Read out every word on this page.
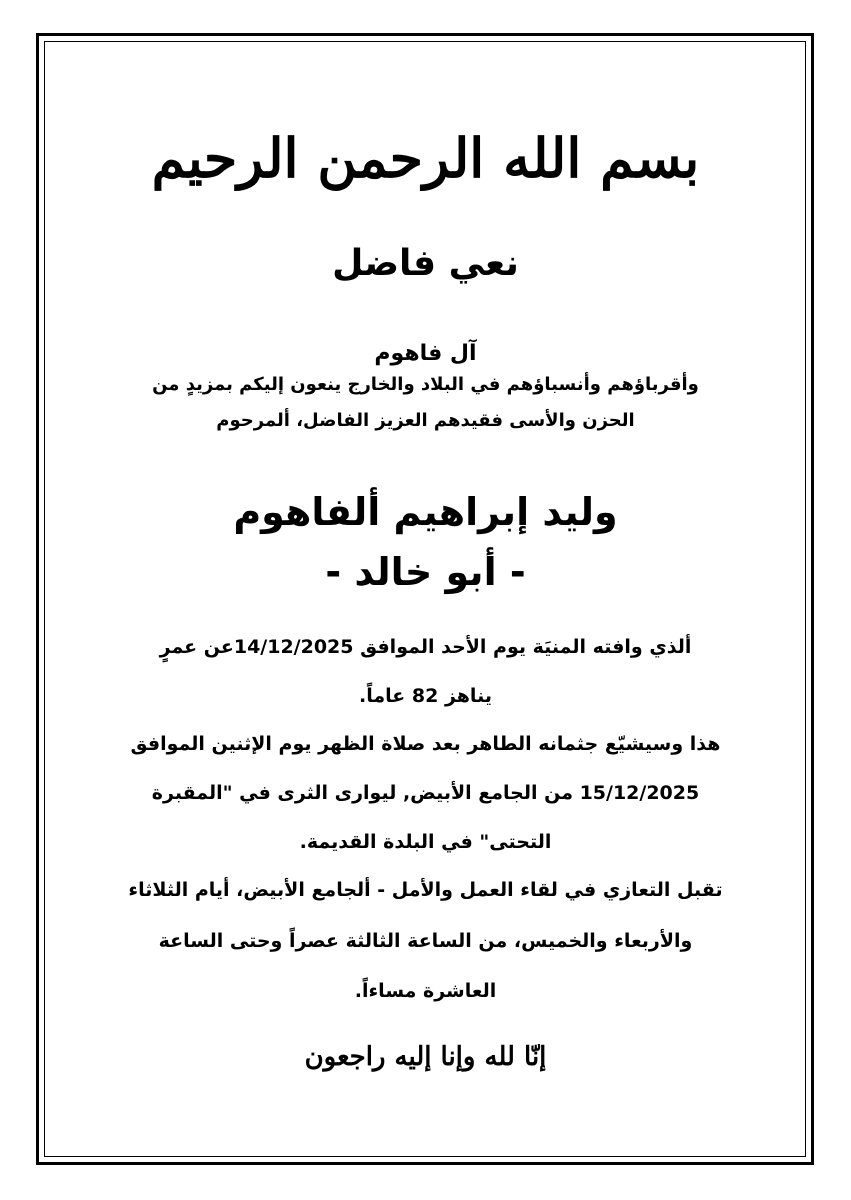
بسم الله الرحمن الرحيم
نعي فاضل
آل فاهوم
وأقرباؤهم وأنسباؤهم في البلاد والخارج ينعون إليكم بمزيدٍ من
الحزن والأسى فقيدهم العزيز الفاضل، ألمرحوم
وليد إبراهيم ألفاهوم
- أبو خالد -
ألذي وافته المنيَة يوم الأحد الموافق 14/12/2025عن عمرٍ
يناهز 82 عاماً.
هذا وسيشيّع جثمانه الطاهر بعد صلاة الظهر يوم الإثنين الموافق
15/12/2025 من الجامع الأبيض, ليوارى الثرى في "المقبرة
التحتى" في البلدة القديمة.
تقبل التعازي في لقاء العمل والأمل - ألجامع الأبيض، أيام الثلاثاء
والأربعاء والخميس، من الساعة الثالثة عصراً وحتى الساعة
العاشرة مساءاً.
إنّا لله وإنا إليه راجعون
